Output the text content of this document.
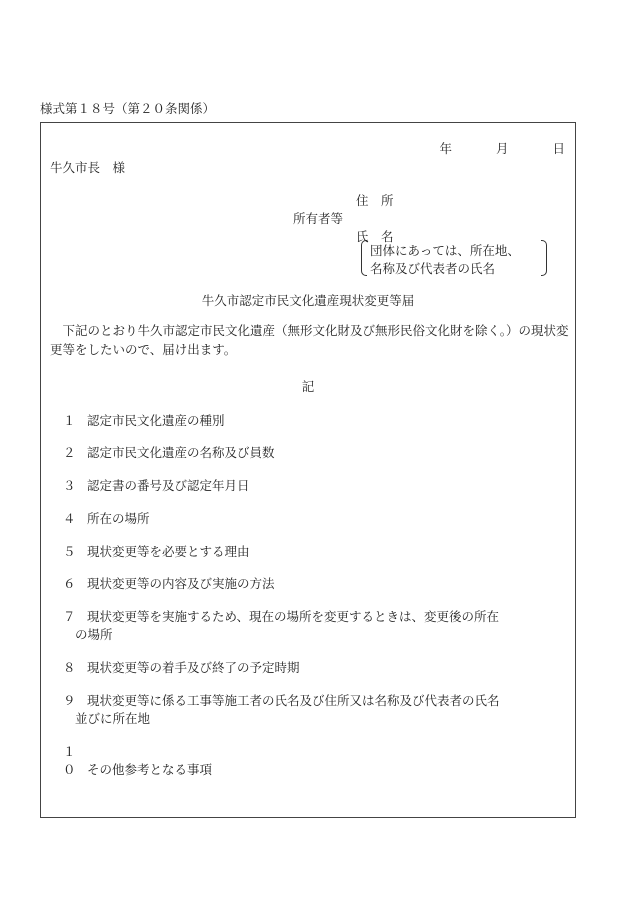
様式第１８号（第２０条関係）
年	月	日
牛久市長　様
住　所
所有者等
氏　名
団体にあっては、所在地、
名称及び代表者の氏名
牛久市認定市民文化遺産現状変更等届

下記のとおり牛久市認定市民文化遺産（無形文化財及び無形民俗文化財を除く。）の現状変更等をしたいので、届け出ます。

記
１ 認定市民文化遺産の種別
２ 認定市民文化遺産の名称及び員数
３ 認定書の番号及び認定年月日
４ 所在の場所
５ 現状変更等を必要とする理由
６ 現状変更等の内容及び実施の方法
７ 現状変更等を実施するため、現在の場所を変更するときは、変更後の所在
の場所
８ 現状変更等の着手及び終了の予定時期
９ 現状変更等に係る工事等施工者の氏名及び住所又は名称及び代表者の氏名
並びに所在地
１０ その他参考となる事項
